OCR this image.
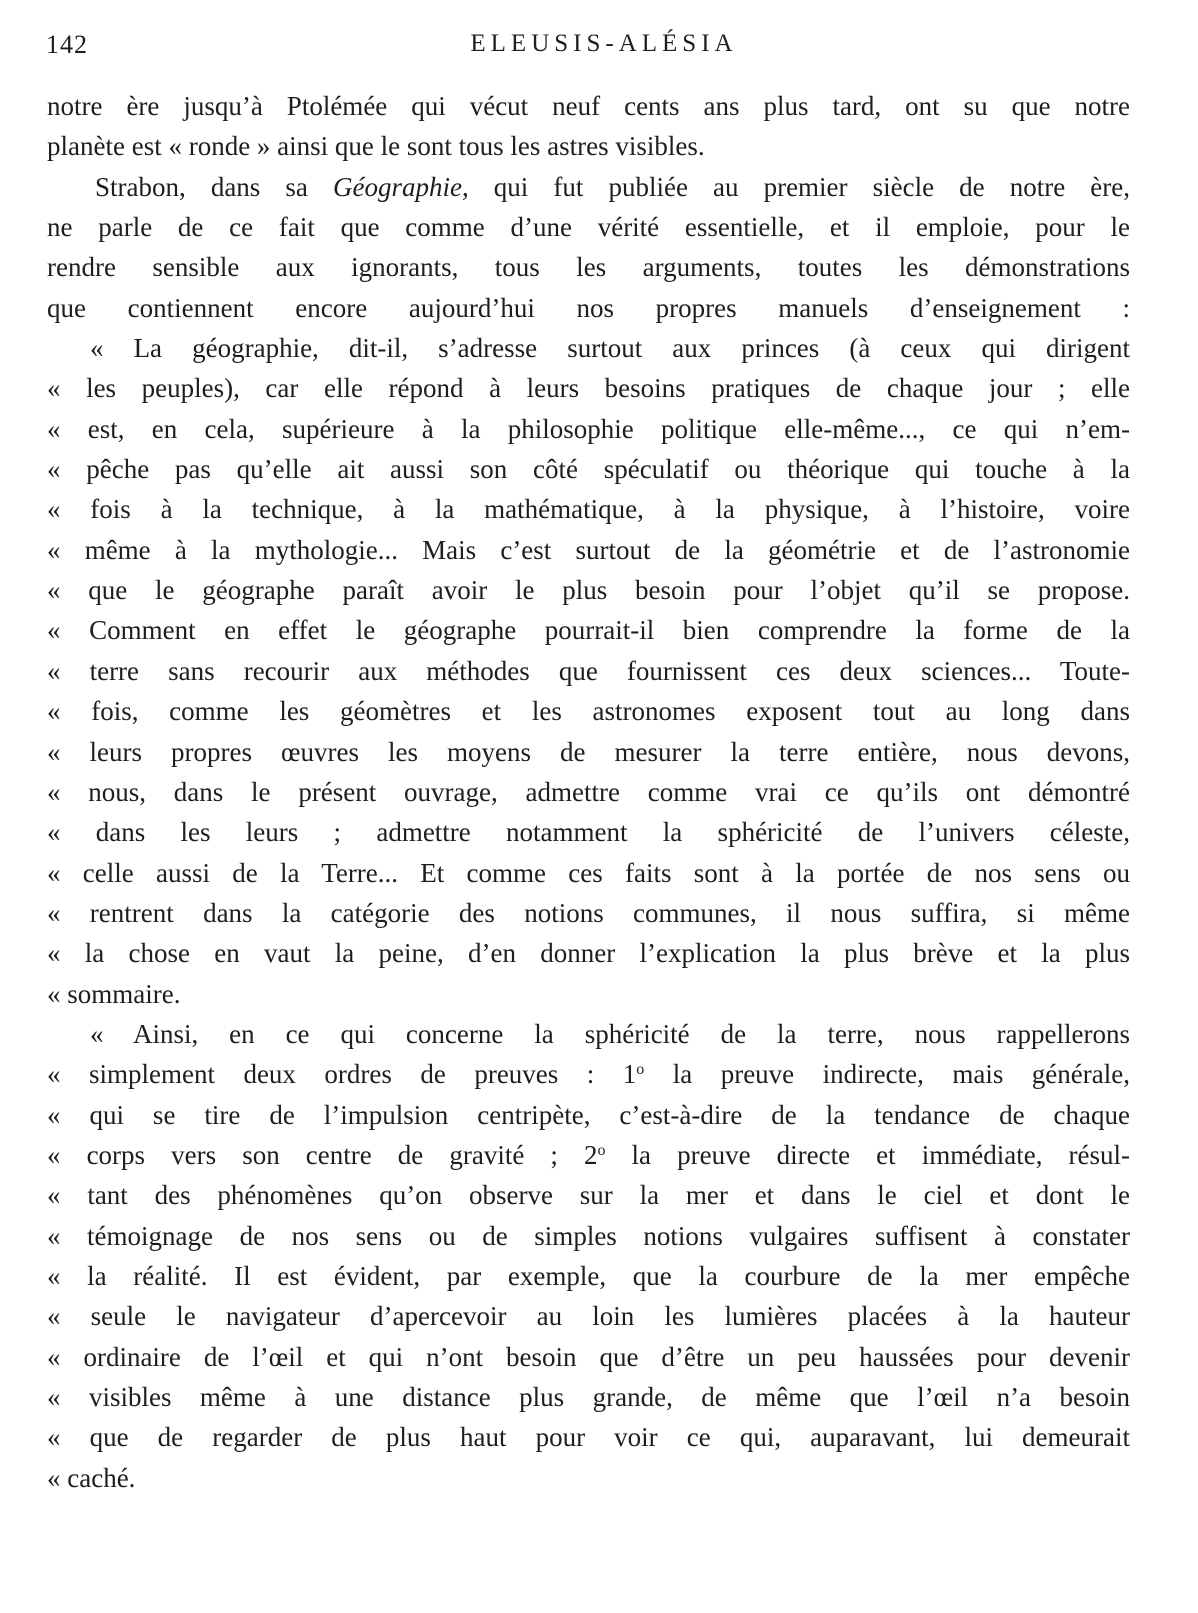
142	ELEUSIS-ALÉSIA
notre ère jusqu’à Ptolémée qui vécut neuf cents ans plus tard, ont su que notre
planète est « ronde » ainsi que le sont tous les astres visibles.
Strabon, dans sa Géographie, qui fut publiée au premier siècle de notre ère,
ne parle de ce fait que comme d’une vérité essentielle, et il emploie, pour le
rendre sensible aux ignorants, tous les arguments, toutes les démonstrations
que contiennent encore aujourd’hui nos propres manuels d’enseignement :
« La géographie, dit-il, s’adresse surtout aux princes (à ceux qui dirigent
« les peuples), car elle répond à leurs besoins pratiques de chaque jour ; elle
« est, en cela, supérieure à la philosophie politique elle-même..., ce qui n’em-
« pêche pas qu’elle ait aussi son côté spéculatif ou théorique qui touche à la
« fois à la technique, à la mathématique, à la physique, à l’histoire, voire
« même à la mythologie... Mais c’est surtout de la géométrie et de l’astronomie
« que le géographe paraît avoir le plus besoin pour l’objet qu’il se propose.
« Comment en effet le géographe pourrait-il bien comprendre la forme de la
« terre sans recourir aux méthodes que fournissent ces deux sciences... Toute-
« fois, comme les géomètres et les astronomes exposent tout au long dans
« leurs propres œuvres les moyens de mesurer la terre entière, nous devons,
« nous, dans le présent ouvrage, admettre comme vrai ce qu’ils ont démontré
« dans les leurs ; admettre notamment la sphéricité de l’univers céleste,
« celle aussi de la Terre... Et comme ces faits sont à la portée de nos sens ou
« rentrent dans la catégorie des notions communes, il nous suffira, si même
« la chose en vaut la peine, d’en donner l’explication la plus brève et la plus
« sommaire.
« Ainsi, en ce qui concerne la sphéricité de la terre, nous rappellerons
« simplement deux ordres de preuves : 1$^o$ la preuve indirecte, mais générale,
« qui se tire de l’impulsion centripète, c’est-à-dire de la tendance de chaque
« corps vers son centre de gravité ; 2$^o$ la preuve directe et immédiate, résul-
« tant des phénomènes qu’on observe sur la mer et dans le ciel et dont le
« témoignage de nos sens ou de simples notions vulgaires suffisent à constater
« la réalité. Il est évident, par exemple, que la courbure de la mer empêche
« seule le navigateur d’apercevoir au loin les lumières placées à la hauteur
« ordinaire de l’œil et qui n’ont besoin que d’être un peu haussées pour devenir
« visibles même à une distance plus grande, de même que l’œil n’a besoin
« que de regarder de plus haut pour voir ce qui, auparavant, lui demeurait
« caché.
